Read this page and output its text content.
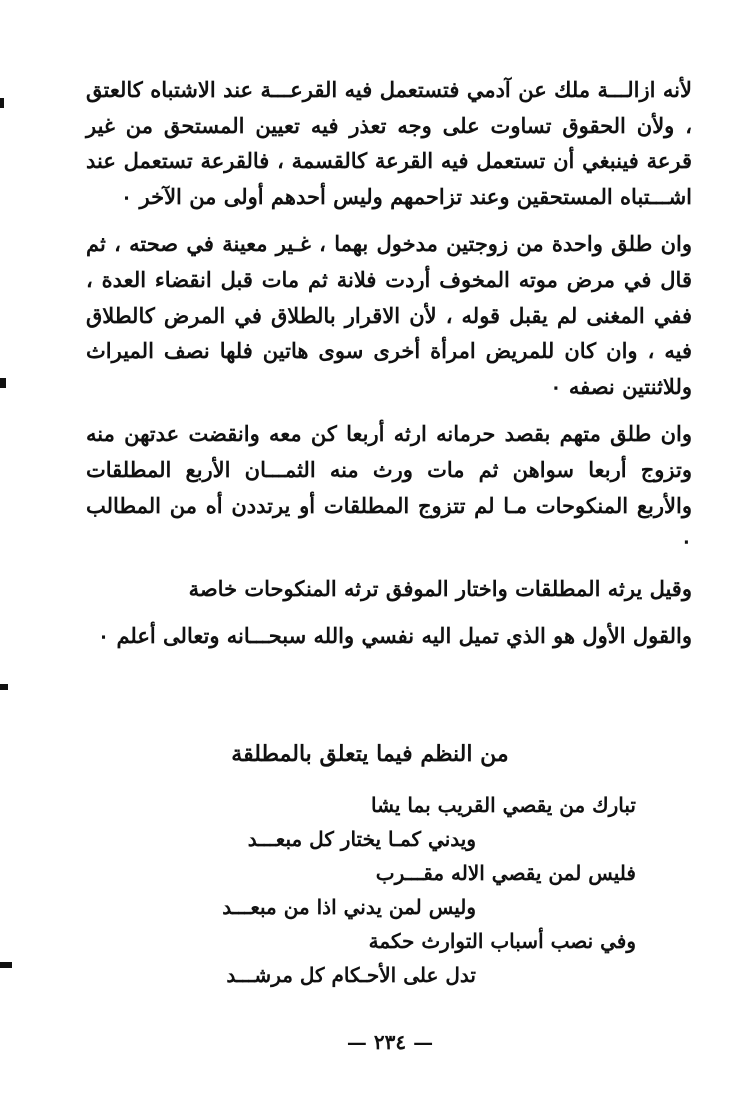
لأنه ازالـــة ملك عن آدمي فتستعمل فيه القرعـــة عند الاشتباه كالعتق ، ولأن الحقوق تساوت على وجه تعذر فيه تعيين المستحق من غير قرعة فينبغي أن تستعمل فيه القرعة كالقسمة ، فالقرعة تستعمل عند اشـــتباه المستحقين وعند تزاحمهم وليس أحدهم أولى من الآخر ٠

وان طلق واحدة من زوجتين مدخول بهما ، غـير معينة في صحته ، ثم قال في مرض موته المخوف أردت فلانة ثم مات قبل انقضاء العدة ، ففي المغنى لم يقبل قوله ، لأن الاقرار بالطلاق في المرض كالطلاق فيه ، وان كان للمريض امرأة أخرى سوى هاتين فلها نصف الميراث وللاثنتين نصفه ٠

وان طلق متهم بقصد حرمانه ارثه أربعا كن معه وانقضت عدتهن منه وتزوج أربعا سواهن ثم مات ورث منه الثمـــان الأربع المطلقات والأربع المنكوحات مـا لم تتزوج المطلقات أو يرتددن أه من المطالب ٠

وقيل يرثه المطلقات واختار الموفق ترثه المنكوحات خاصة

والقول الأول هو الذي تميل اليه نفسي والله سبحـــانه وتعالى أعلم ٠

من النظم فيما يتعلق بالمطلقة
تبارك من يقصي القريب بما يشا
ويدني كمـا يختار كل مبعـــد
فليس لمن يقصي الاله مقـــرب
وليس لمن يدني اذا من مبعـــد
وفي نصب أسباب التوارث حكمة
تدل على الأحـكام كل مرشـــد
— ٢٣٤ —
